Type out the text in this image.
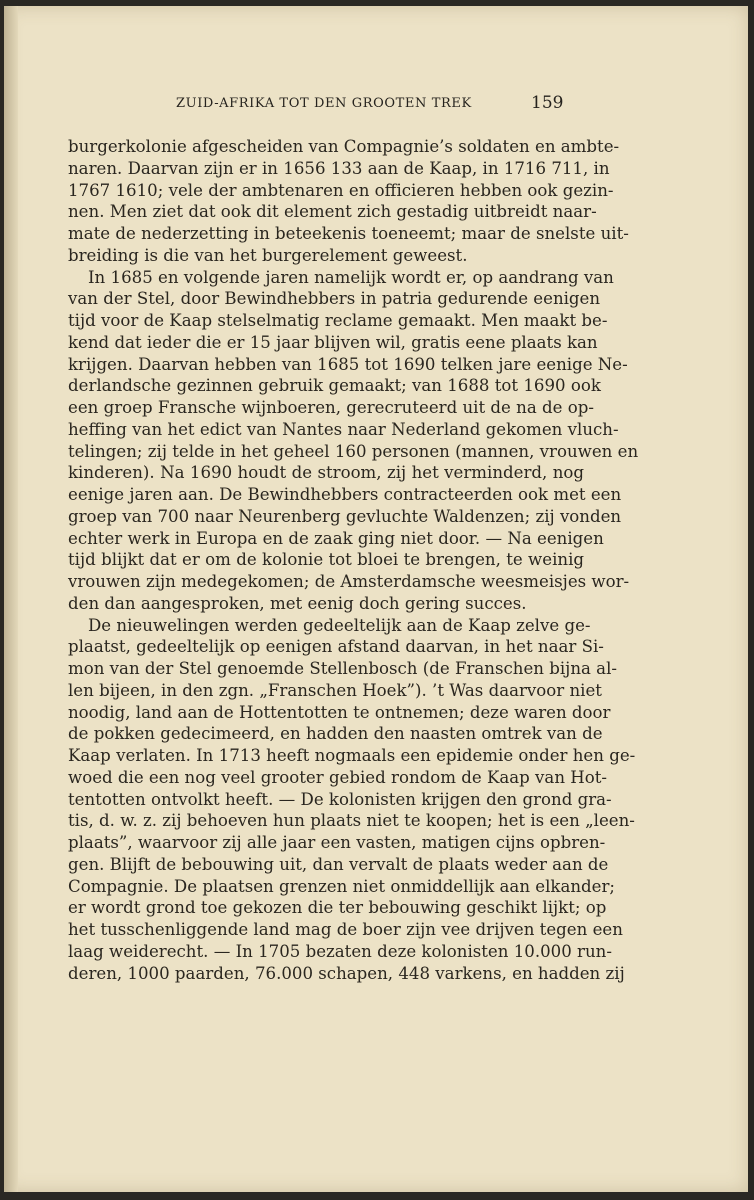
ZUID-AFRIKA TOT DEN GROOTEN TREK	159
burgerkolonie afgescheiden van Compagnie’s soldaten en ambte-
naren. Daarvan zijn er in 1656 133 aan de Kaap, in 1716 711, in
1767 1610; vele der ambtenaren en officieren hebben ook gezin-
nen. Men ziet dat ook dit element zich gestadig uitbreidt naar-
mate de nederzetting in beteekenis toeneemt; maar de snelste uit-
breiding is die van het burgerelement geweest.
In 1685 en volgende jaren namelijk wordt er, op aandrang van
van der Stel, door Bewindhebbers in patria gedurende eenigen
tijd voor de Kaap stelselmatig reclame gemaakt. Men maakt be-
kend dat ieder die er 15 jaar blijven wil, gratis eene plaats kan
krijgen. Daarvan hebben van 1685 tot 1690 telken jare eenige Ne-
derlandsche gezinnen gebruik gemaakt; van 1688 tot 1690 ook
een groep Fransche wijnboeren, gerecruteerd uit de na de op-
heffing van het edict van Nantes naar Nederland gekomen vluch-
telingen; zij telde in het geheel 160 personen (mannen, vrouwen en
kinderen). Na 1690 houdt de stroom, zij het verminderd, nog
eenige jaren aan. De Bewindhebbers contracteerden ook met een
groep van 700 naar Neurenberg gevluchte Waldenzen; zij vonden
echter werk in Europa en de zaak ging niet door. — Na eenigen
tijd blijkt dat er om de kolonie tot bloei te brengen, te weinig
vrouwen zijn medegekomen; de Amsterdamsche weesmeisjes wor-
den dan aangesproken, met eenig doch gering succes.
De nieuwelingen werden gedeeltelijk aan de Kaap zelve ge-
plaatst, gedeeltelijk op eenigen afstand daarvan, in het naar Si-
mon van der Stel genoemde Stellenbosch (de Franschen bijna al-
len bijeen, in den zgn. „Franschen Hoek”). ’t Was daarvoor niet
noodig, land aan de Hottentotten te ontnemen; deze waren door
de pokken gedecimeerd, en hadden den naasten omtrek van de
Kaap verlaten. In 1713 heeft nogmaals een epidemie onder hen ge-
woed die een nog veel grooter gebied rondom de Kaap van Hot-
tentotten ontvolkt heeft. — De kolonisten krijgen den grond gra-
tis, d. w. z. zij behoeven hun plaats niet te koopen; het is een „leen-
plaats”, waarvoor zij alle jaar een vasten, matigen cijns opbren-
gen. Blijft de bebouwing uit, dan vervalt de plaats weder aan de
Compagnie. De plaatsen grenzen niet onmiddellijk aan elkander;
er wordt grond toe gekozen die ter bebouwing geschikt lijkt; op
het tusschenliggende land mag de boer zijn vee drijven tegen een
laag weiderecht. — In 1705 bezaten deze kolonisten 10.000 run-
deren, 1000 paarden, 76.000 schapen, 448 varkens, en hadden zij
